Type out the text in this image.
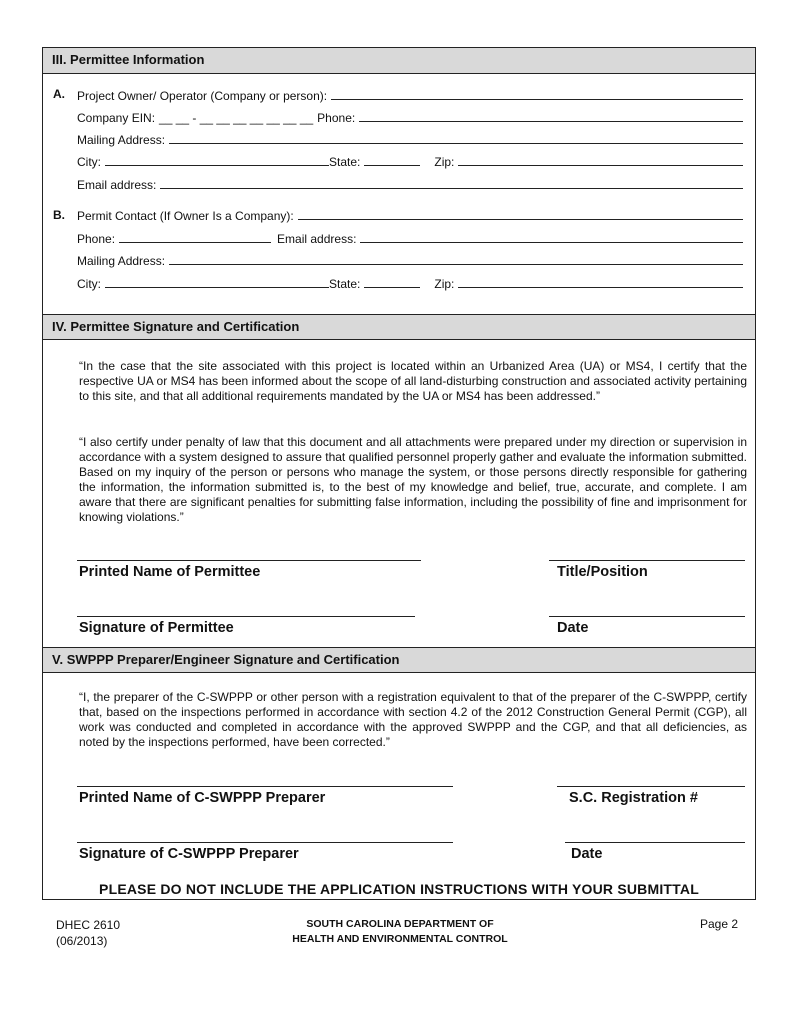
III. Permittee Information
A. Project Owner/ Operator (Company or person):
Company EIN: __ __ - __ __ __ __ __ __ __ Phone:
Mailing Address:
City:	State:	Zip:
Email address:
B. Permit Contact (If Owner Is a Company):
Phone:	Email address:
Mailing Address:
City:	State:	Zip:
IV. Permittee Signature and Certification
“In the case that the site associated with this project is located within an Urbanized Area (UA) or MS4, I certify that the respective UA or MS4 has been informed about the scope of all land-disturbing construction and associated activity pertaining to this site, and that all additional requirements mandated by the UA or MS4 has been addressed.”
“I also certify under penalty of law that this document and all attachments were prepared under my direction or supervision in accordance with a system designed to assure that qualified personnel properly gather and evaluate the information submitted. Based on my inquiry of the person or persons who manage the system, or those persons directly responsible for gathering the information, the information submitted is, to the best of my knowledge and belief, true, accurate, and complete. I am aware that there are significant penalties for submitting false information, including the possibility of fine and imprisonment for knowing violations.”
Printed Name of Permittee	Title/Position
Signature of Permittee	Date
V. SWPPP Preparer/Engineer Signature and Certification
“I, the preparer of the C-SWPPP or other person with a registration equivalent to that of the preparer of the C-SWPPP, certify that, based on the inspections performed in accordance with section 4.2 of the 2012 Construction General Permit (CGP), all work was conducted and completed in accordance with the approved SWPPP and the CGP, and that all deficiencies, as noted by the inspections performed, have been corrected.”
Printed Name of C-SWPPP Preparer	S.C. Registration #
Signature of C-SWPPP Preparer	Date
PLEASE DO NOT INCLUDE THE APPLICATION INSTRUCTIONS WITH YOUR SUBMITTAL
DHEC 2610
(06/2013)
SOUTH CAROLINA DEPARTMENT OF
HEALTH AND ENVIRONMENTAL CONTROL
Page 2
